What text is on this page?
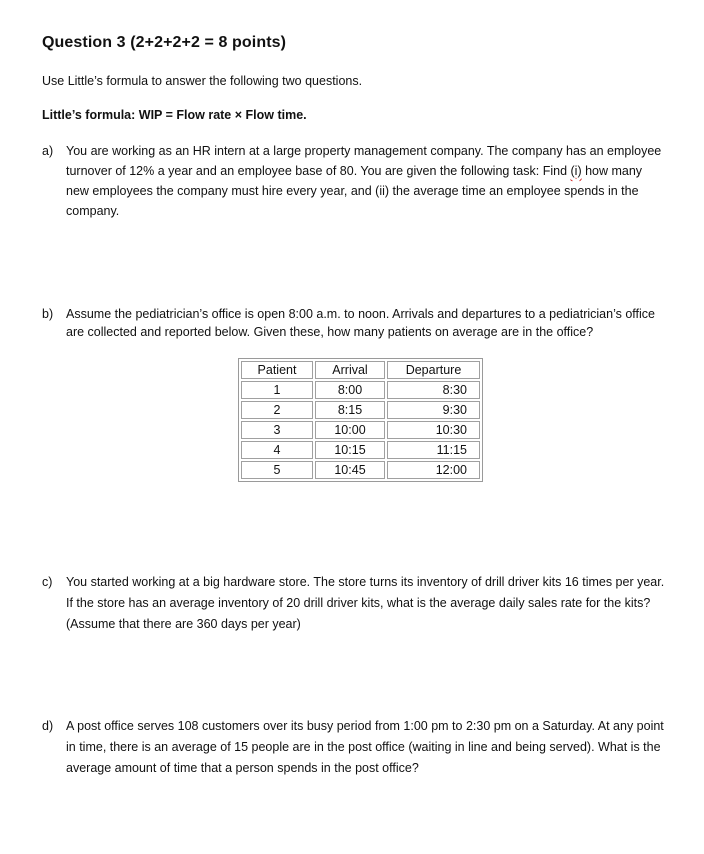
Question 3 (2+2+2+2 = 8 points)
Use Little’s formula to answer the following two questions.
Little’s formula: WIP = Flow rate × Flow time.
a)	You are working as an HR intern at a large property management company. The company has an employee turnover of 12% a year and an employee base of 80. You are given the following task: Find (i) how many new employees the company must hire every year, and (ii) the average time an employee spends in the company.
b)	Assume the pediatrician’s office is open 8:00 a.m. to noon. Arrivals and departures to a pediatrician’s office are collected and reported below. Given these, how many patients on average are in the office?
Patient	Arrival	Departure
1	8:00	8:30
2	8:15	9:30
3	10:00	10:30
4	10:15	11:15
5	10:45	12:00
c)	You started working at a big hardware store. The store turns its inventory of drill driver kits 16 times per year. If the store has an average inventory of 20 drill driver kits, what is the average daily sales rate for the kits? (Assume that there are 360 days per year)
d)	A post office serves 108 customers over its busy period from 1:00 pm to 2:30 pm on a Saturday. At any point in time, there is an average of 15 people are in the post office (waiting in line and being served). What is the average amount of time that a person spends in the post office?
